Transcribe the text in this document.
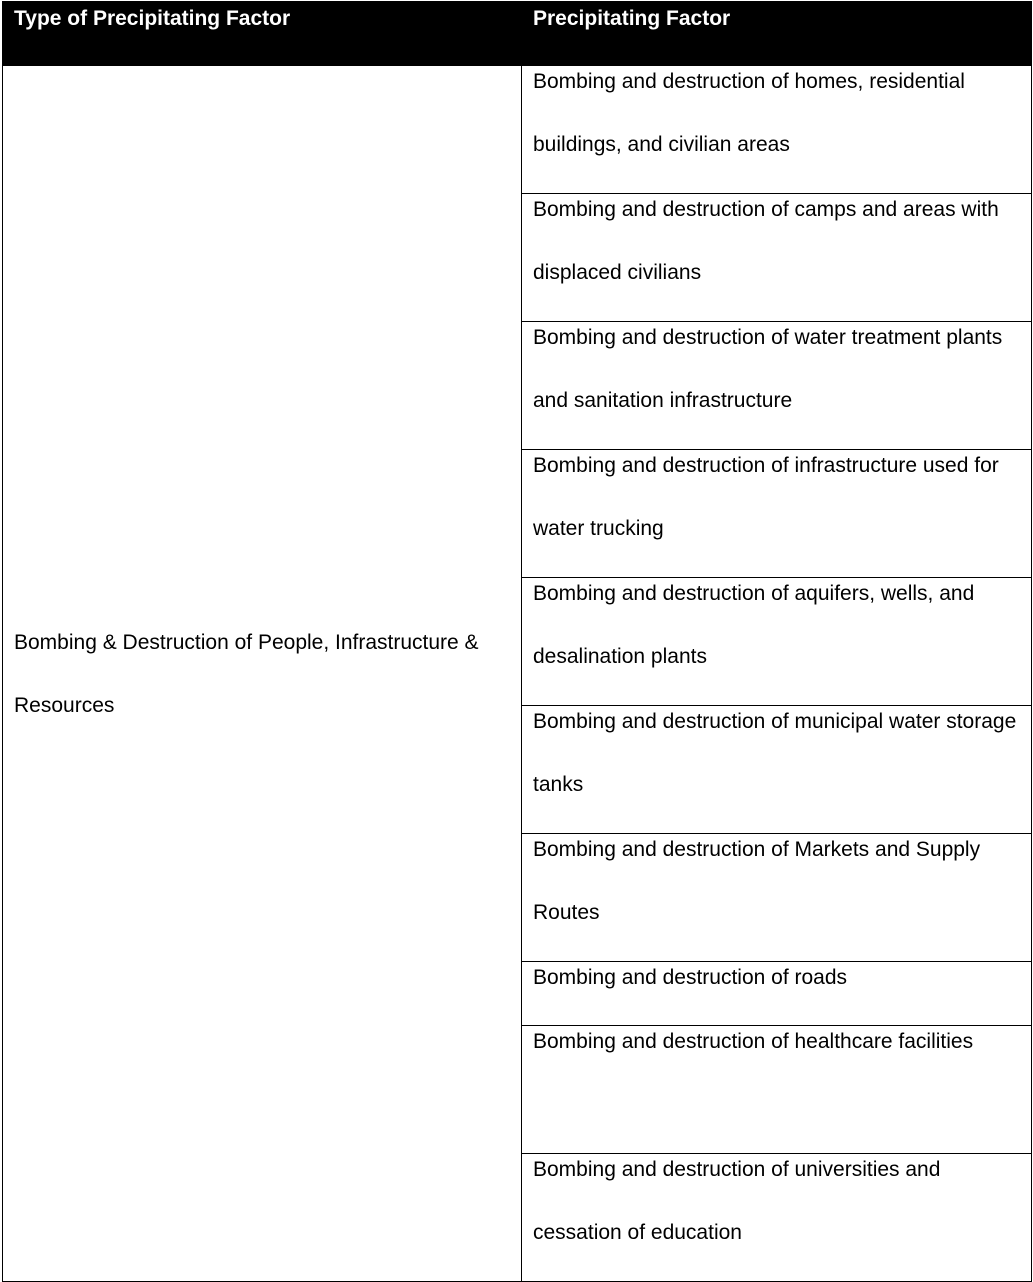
Type of Precipitating Factor	Precipitating Factor

Bombing & Destruction of People, Infrastructure & Resources	Bombing and destruction of homes, residential buildings, and civilian areas

	Bombing and destruction of camps and areas with displaced civilians

	Bombing and destruction of water treatment plants and sanitation infrastructure

	Bombing and destruction of infrastructure used for water trucking

	Bombing and destruction of aquifers, wells, and desalination plants

	Bombing and destruction of municipal water storage tanks

	Bombing and destruction of Markets and Supply Routes

	Bombing and destruction of roads

	Bombing and destruction of healthcare facilities

	Bombing and destruction of universities and cessation of education
